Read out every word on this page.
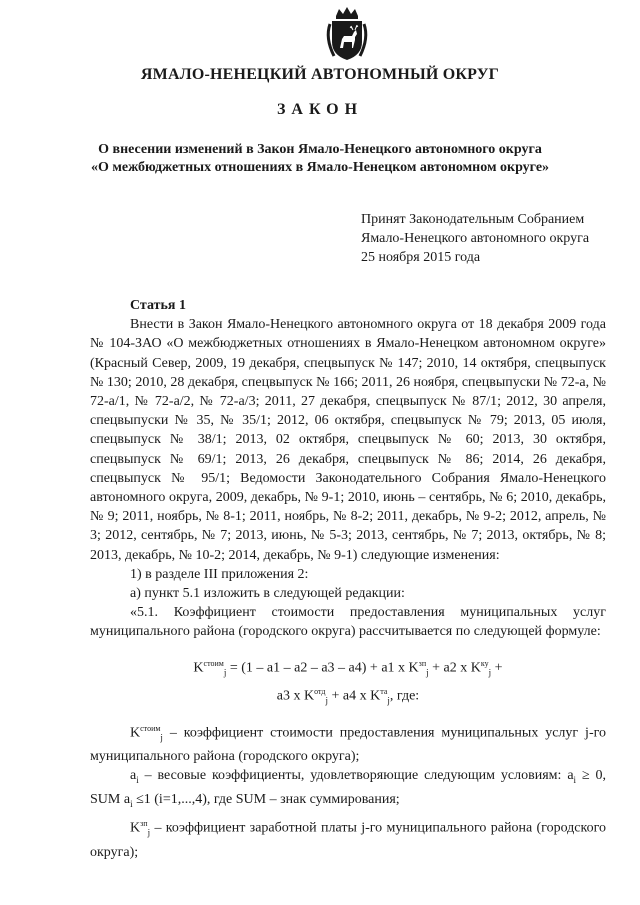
ЯМАЛО-НЕНЕЦКИЙ АВТОНОМНЫЙ ОКРУГ
ЗАКОН
О внесении изменений в Закон Ямало-Ненецкого автономного округа
«О межбюджетных отношениях в Ямало-Ненецком автономном округе»
Принят Законодательным Собранием
Ямало-Ненецкого автономного округа
25 ноября 2015 года
Статья 1

Внести в Закон Ямало-Ненецкого автономного округа от 18 декабря 2009 года № 104-ЗАО «О межбюджетных отношениях в Ямало-Ненецком автономном округе» (Красный Север, 2009, 19 декабря, спецвыпуск № 147; 2010, 14 октября, спецвыпуск № 130; 2010, 28 декабря, спецвыпуск № 166; 2011, 26 ноября, спецвыпуски № 72-а, № 72-а/1, № 72-а/2, № 72-а/3; 2011, 27 декабря, спецвыпуск № 87/1; 2012, 30 апреля, спецвыпуски № 35, № 35/1; 2012, 06 октября, спецвыпуск № 79; 2013, 05 июля, спецвыпуск № 38/1; 2013, 02 октября, спецвыпуск № 60; 2013, 30 октября, спецвыпуск № 69/1; 2013, 26 декабря, спецвыпуск № 86; 2014, 26 декабря, спецвыпуск № 95/1; Ведомости Законодательного Собрания Ямало-Ненецкого автономного округа, 2009, декабрь, № 9-1; 2010, июнь – сентябрь, № 6; 2010, декабрь, № 9; 2011, ноябрь, № 8-1; 2011, ноябрь, № 8-2; 2011, декабрь, № 9-2; 2012, апрель, № 3; 2012, сентябрь, № 7; 2013, июнь, № 5-3; 2013, сентябрь, № 7; 2013, октябрь, № 8; 2013, декабрь, № 10-2; 2014, декабрь, № 9-1) следующие изменения:

1) в разделе III приложения 2:

а) пункт 5.1 изложить в следующей редакции:

«5.1. Коэффициент стоимости предоставления муниципальных услуг муниципального района (городского округа) рассчитывается по следующей формуле:

$K^{стоим}_j = (1 - a1 - a2 - a3 - a4) + a1$ x $K^{зп}_j + a2$ x $K^{ку}_j$ +
a3 x $K^{отд}_j + a4$ x $K^{та}_j$, где:

$K^{стоим}_j$ – коэффициент стоимости предоставления муниципальных услуг j-го муниципального района (городского округа);

$a_i$ – весовые коэффициенты, удовлетворяющие следующим условиям: $a_i \ge 0$, SUM $a_i \le 1$ (i=1,...,4), где SUM – знак суммирования;

$K^{зп}_j$ – коэффициент заработной платы j-го муниципального района (городского округа);
